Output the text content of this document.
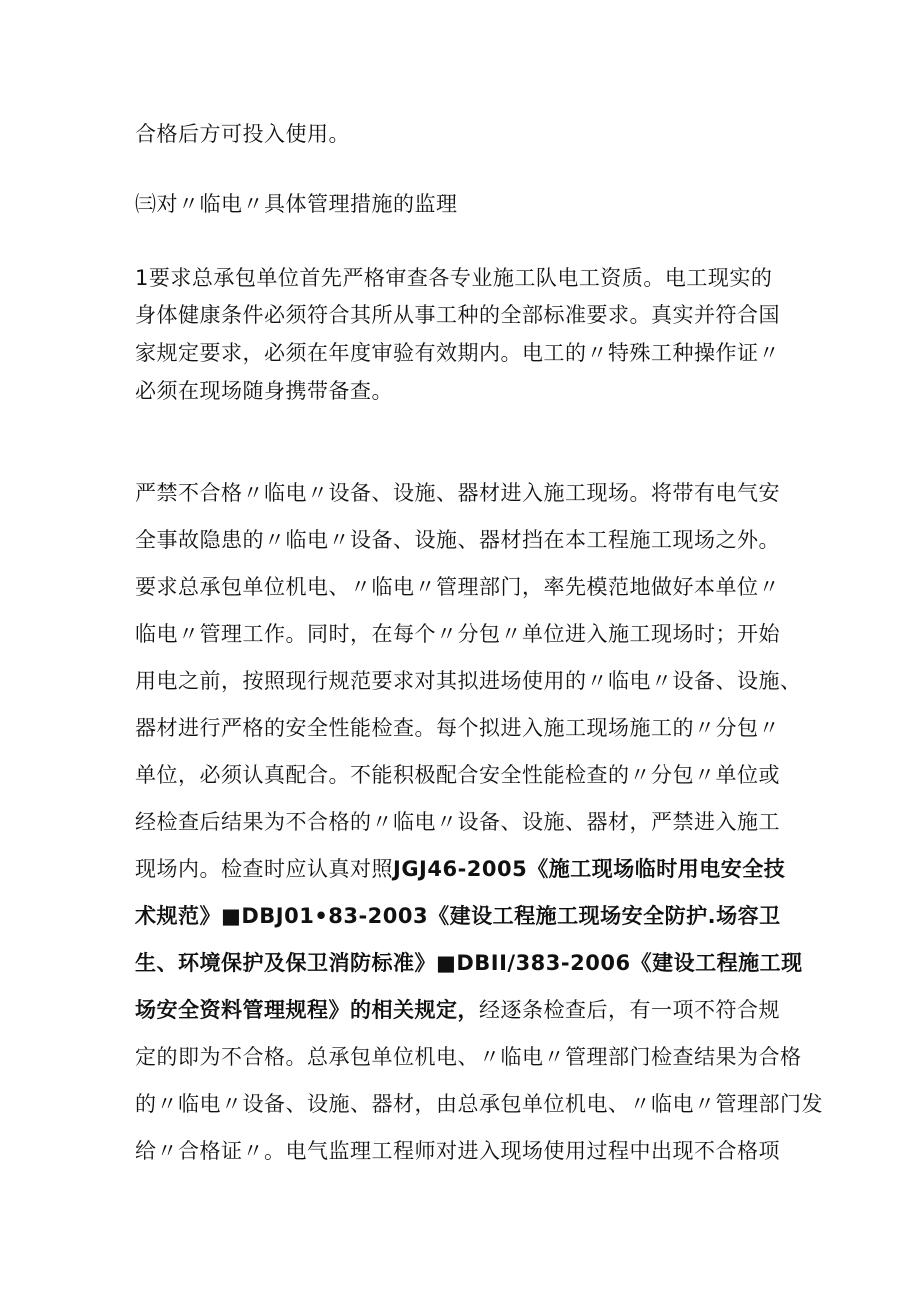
合格后方可投入使用。
㈢对〃临电〃具体管理措施的监理
1要求总承包单位首先严格审查各专业施工队电工资质。电工现实的
身体健康条件必须符合其所从事工种的全部标准要求。真实并符合国
家规定要求，必须在年度审验有效期内。电工的〃特殊工种操作证〃
必须在现场随身携带备查。
严禁不合格〃临电〃设备、设施、器材进入施工现场。将带有电气安
全事故隐患的〃临电〃设备、设施、器材挡在本工程施工现场之外。
要求总承包单位机电、〃临电〃管理部门，率先模范地做好本单位〃
临电〃管理工作。同时，在每个〃分包〃单位进入施工现场时；开始
用电之前，按照现行规范要求对其拟进场使用的〃临电〃设备、设施、
器材进行严格的安全性能检查。每个拟进入施工现场施工的〃分包〃
单位，必须认真配合。不能积极配合安全性能检查的〃分包〃单位或
经检查后结果为不合格的〃临电〃设备、设施、器材，严禁进入施工
现场内。检查时应认真对照JGJ46-2005《施工现场临时用电安全技
术规范》■DBJ01•83-2003《建设工程施工现场安全防护.场容卫
生、环境保护及保卫消防标准》■DBII/383-2006《建设工程施工现
场安全资料管理规程》的相关规定，经逐条检查后，有一项不符合规
定的即为不合格。总承包单位机电、〃临电〃管理部门检查结果为合格
的〃临电〃设备、设施、器材，由总承包单位机电、〃临电〃管理部门发
给〃合格证〃。电气监理工程师对进入现场使用过程中出现不合格项
